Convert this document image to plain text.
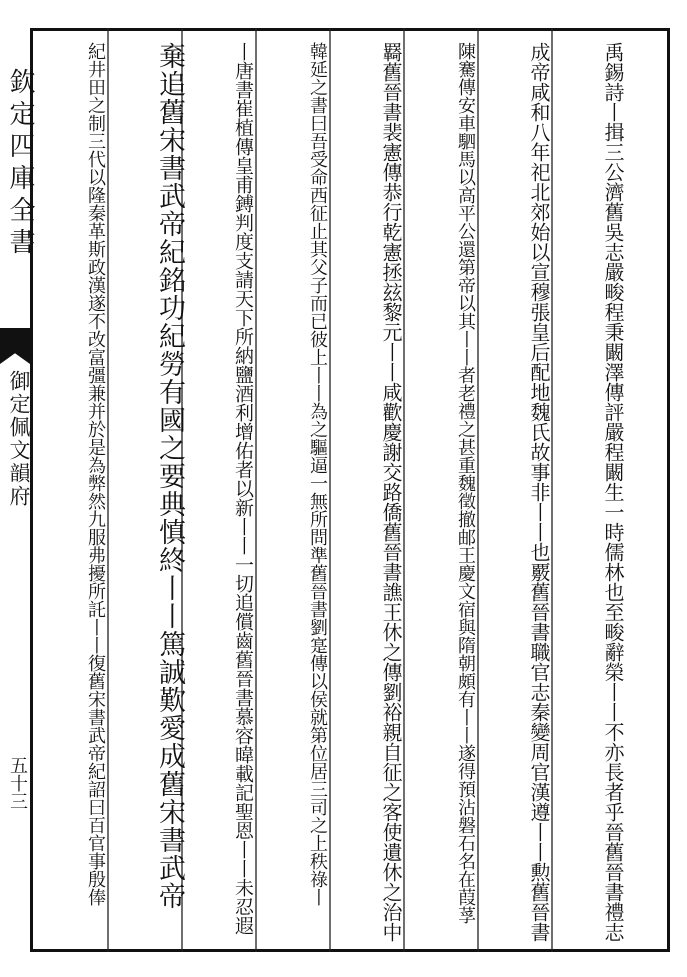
欽定四庫全書
御定佩文韻府
五十三	禹錫詩丨揖三公濟舊吳志嚴畯程秉闞澤傳評嚴程闞生一時儒林也至畯辭榮丨丨不亦長者乎晉舊晉書禮志
成帝咸和八年祀北郊始以宣穆張皇后配地魏氏故事非丨丨也覈舊晉書職官志秦變周官漢遵丨丨勲舊晉書
陳騫傳安車駟馬以高平公還第帝以其丨丨者老禮之甚重魏徵撤邮王慶文宿與隋朝頗有丨丨遂得預沾磐石名在葭莩
羇舊晉書裴憲傳恭行乾憲拯玆黎元丨丨咸歡慶謝交路僑舊晉書譙王休之傳劉裕親自征之客使遺休之治中
韓延之書曰吾受命西征止其父子而已彼上丨丨為之驅逼一無所問準舊晉書劉寔傳以侯就第位居三司之上秩祿丨
丨唐書崔植傳皇甫鎛判度支請天下所納鹽酒利增佑者以新丨丨一切追償齒舊晉書慕容暐載記聖恩丨丨未忍遐
棄追舊宋書武帝紀銘功紀勞有國之要典慎終丨丨篤誠歎愛成舊宋書武帝
紀井田之制三代以隆秦革斯政漢遂不改富彊兼并於是為弊然九服弗擾所託丨丨復舊宋書武帝紀詔曰百官事殷俸
